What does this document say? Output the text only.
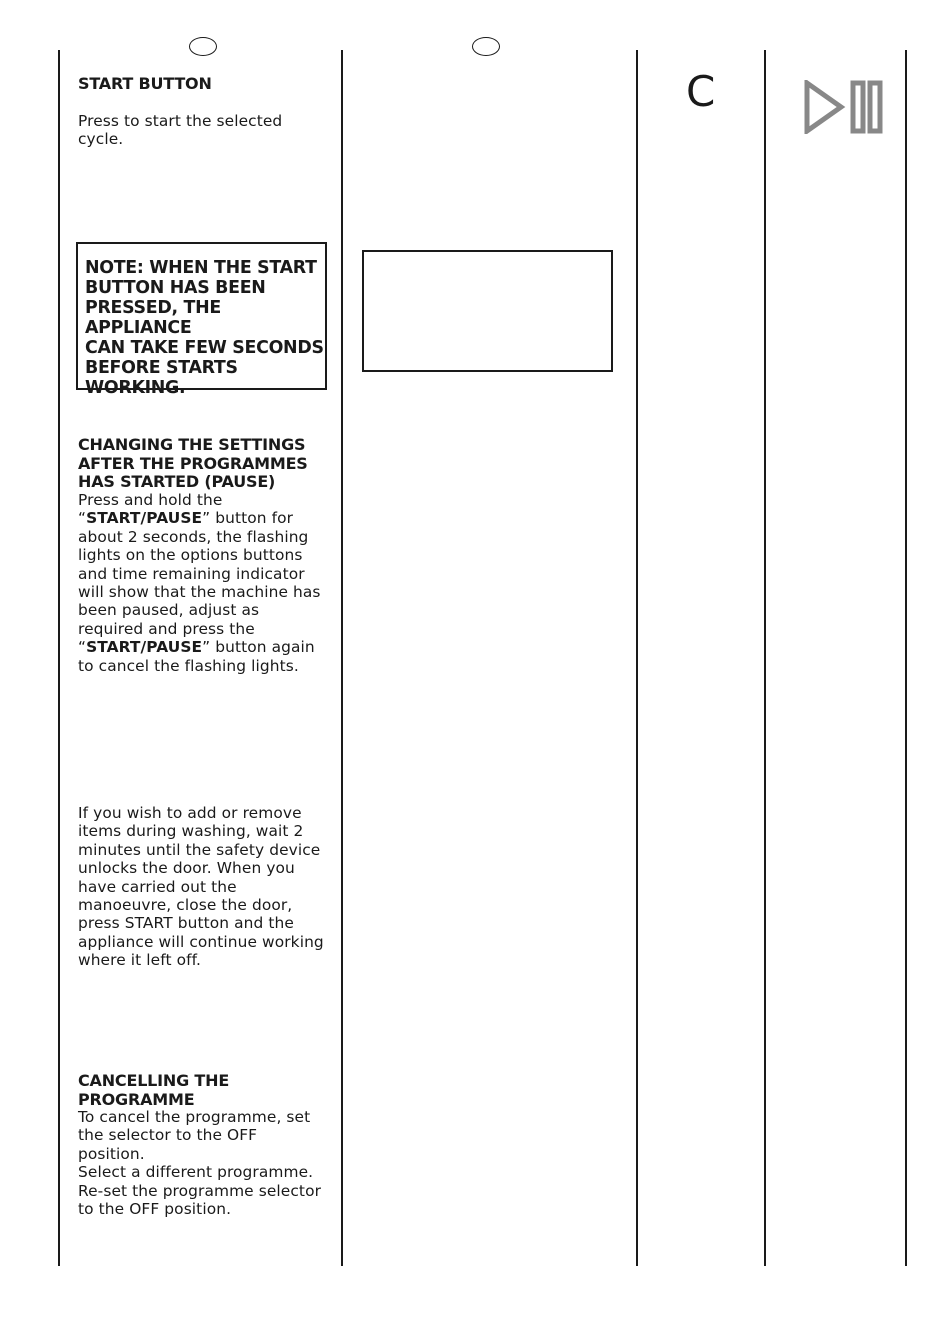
START BUTTON

Press to start the selected cycle.

NOTE: WHEN THE START
BUTTON HAS BEEN
PRESSED, THE APPLIANCE
CAN TAKE FEW SECONDS
BEFORE STARTS
WORKING.
CHANGING THE SETTINGS
AFTER THE PROGRAMMES
HAS STARTED (PAUSE)

Press and hold the “START/PAUSE” button for about 2 seconds, the flashing lights on the options buttons and time remaining indicator will show that the machine has been paused, adjust as required and press the “START/PAUSE” button again to cancel the flashing lights.

If you wish to add or remove items during washing, wait 2 minutes until the safety device unlocks the door. When you have carried out the manoeuvre, close the door, press START button and the appliance will continue working where it left off.

CANCELLING THE
PROGRAMME
To cancel the programme, set the selector to the OFF position.
Select a different programme.
Re-set the programme selector to the OFF position.
C
